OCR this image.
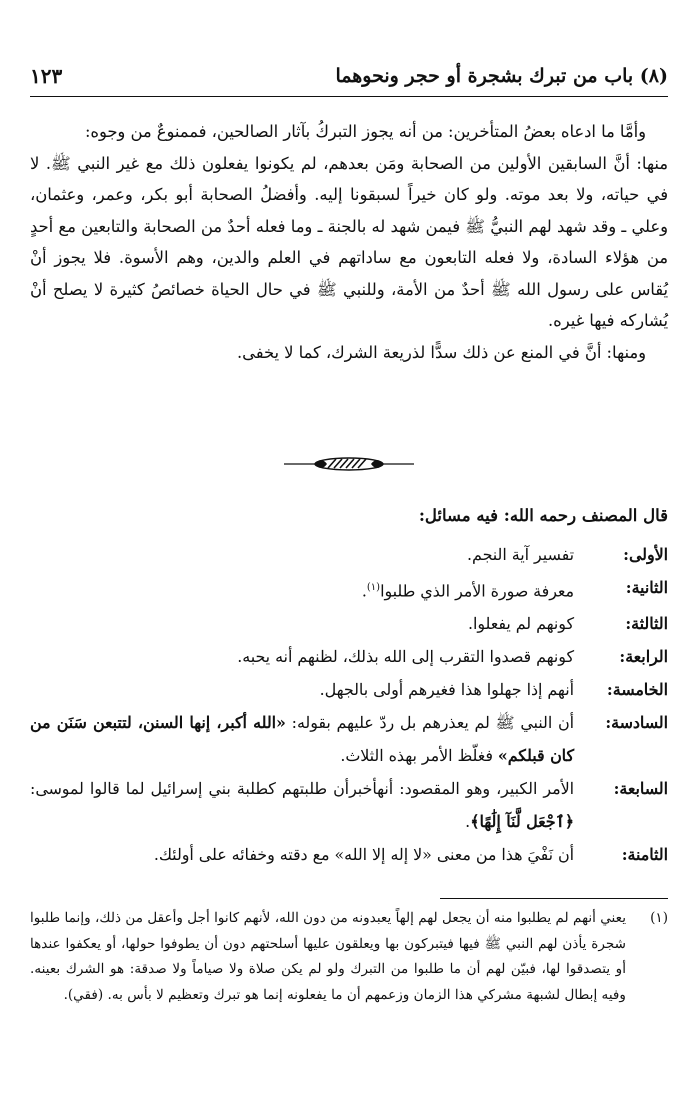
(٨) باب من تبرك بشجرة أو حجر ونحوهما
١٢٣

وأمَّا ما ادعاه بعضُ المتأخرين: من أنه يجوز التبركُ بآثار الصالحين، فممنوعٌ من وجوه:

منها: أنَّ السابقين الأولين من الصحابة ومَن بعدهم، لم يكونوا يفعلون ذلك مع غير النبي ﷺ. لا في حياته، ولا بعد موته. ولو كان خيراً لسبقونا إليه. وأفضلُ الصحابة أبو بكر، وعمر، وعثمان، وعلي ـ وقد شهد لهم النبيُّ ﷺ فيمن شهد له بالجنة ـ وما فعله أحدٌ من الصحابة والتابعين مع أحدٍ من هؤلاء السادة، ولا فعله التابعون مع ساداتهم في العلم والدين، وهم الأسوة. فلا يجوز أنْ يُقاس على رسول الله ﷺ أحدٌ من الأمة، وللنبي ﷺ في حال الحياة خصائصُ كثيرة لا يصلح أنْ يُشاركه فيها غيره.

ومنها: أنَّ في المنع عن ذلك سدًّا لذريعة الشرك، كما لا يخفى.

قال المصنف رحمه الله: فيه مسائل:
الأولى:
تفسير آية النجم.
الثانية:
معرفة صورة الأمر الذي طلبوا$^{(١)}$.
الثالثة:
كونهم لم يفعلوا.
الرابعة:
كونهم قصدوا التقرب إلى الله بذلك، لظنهم أنه يحبه.
الخامسة:
أنهم إذا جهلوا هذا فغيرهم أولى بالجهل.
السادسة:
أن النبي ﷺ لم يعذرهم بل ردّ عليهم بقوله: «الله أكبر، إنها السنن، لتتبعن سَنَن من كان قبلكم» فغلّظ الأمر بهذه الثلاث.
السابعة:
الأمر الكبير، وهو المقصود: أنهأخبرأن طلبتهم كطلبة بني إسرائيل لما قالوا لموسى: ﴿ٱجْعَل لَّنَآ إِلَٰهًا﴾.
الثامنة:
أن نَفْيَ هذا من معنى «لا إله إلا الله» مع دقته وخفائه على أولئك.
(١)
يعني أنهم لم يطلبوا منه أن يجعل لهم إلهاً يعبدونه من دون الله، لأنهم كانوا أجل وأعقل من ذلك، وإنما طلبوا شجرة يأذن لهم النبي ﷺ فيها فيتبركون بها ويعلقون عليها أسلحتهم دون أن يطوفوا حولها، أو يعكفوا عندها أو يتصدقوا لها، فبيّن لهم أن ما طلبوا من التبرك ولو لم يكن صلاة ولا صياماً ولا صدقة: هو الشرك بعينه. وفيه إبطال لشبهة مشركي هذا الزمان وزعمهم أن ما يفعلونه إنما هو تبرك وتعظيم لا بأس به. (فقي).
